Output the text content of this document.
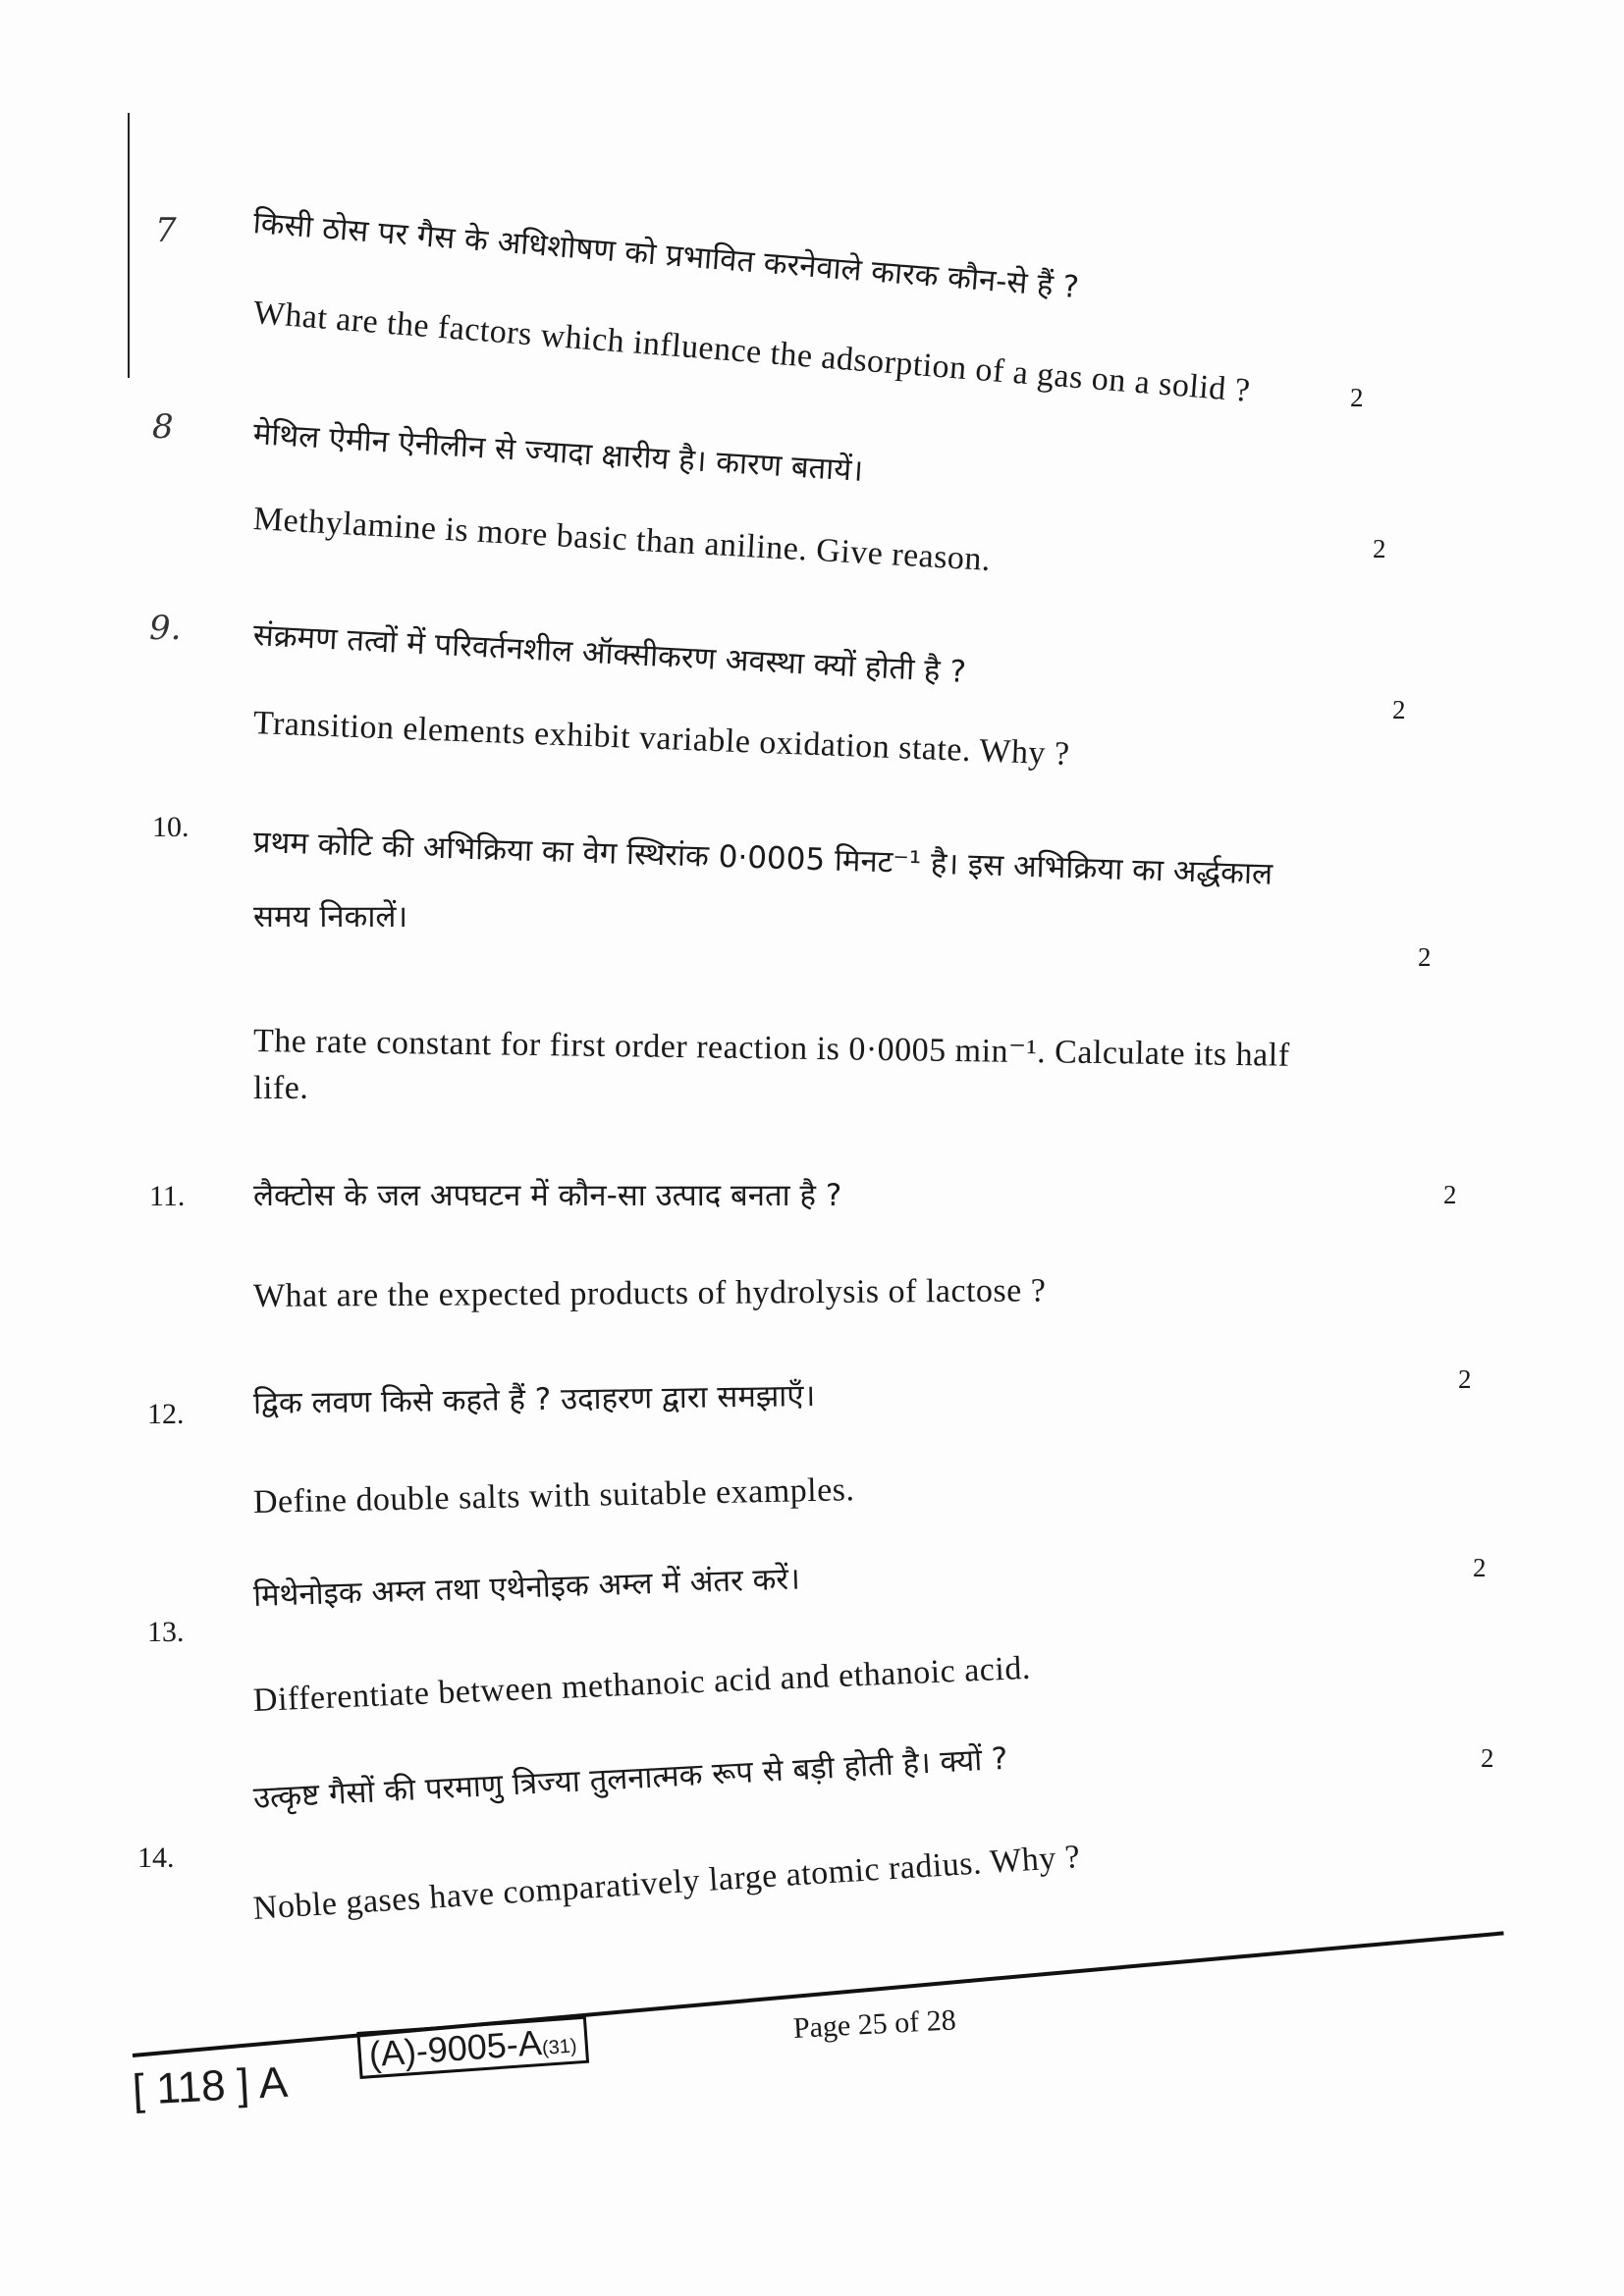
7 किसी ठोस पर गैस के अधिशोषण को प्रभावित करनेवाले कारक कौन-से हैं ?
What are the factors which influence the adsorption of a gas on a solid ?	2
8	मेथिल ऐमीन ऐनीलीन से ज्यादा क्षारीय है। कारण बतायें।
Methylamine is more basic than aniline. Give reason.	2
9. संक्रमण तत्वों में परिवर्तनशील ऑक्सीकरण अवस्था क्यों होती है ?
Transition elements exhibit variable oxidation state. Why ?	2
10. प्रथम कोटि की अभिक्रिया का वेग स्थिरांक 0·0005 मिनट⁻¹ है। इस अभिक्रिया का अर्द्धकाल
समय निकालें।
2
The rate constant for first order reaction is 0·0005 min⁻¹. Calculate its half
life.
11. लैक्टोस के जल अपघटन में कौन-सा उत्पाद बनता है ?	2
What are the expected products of hydrolysis of lactose ?
12. द्विक लवण किसे कहते हैं ? उदाहरण द्वारा समझाएँ।	2
Define double salts with suitable examples.
13.
मिथेनोइक अम्ल तथा एथेनोइक अम्ल में अंतर करें।	2
Differentiate between methanoic acid and ethanoic acid.
14.
उत्कृष्ट गैसों की परमाणु त्रिज्या तुलनात्मक रूप से बड़ी होती है। क्यों ?	2
Noble gases have comparatively large atomic radius. Why ?
[ 118 ] A
(A)-9005-A(31)
Page 25 of 28
